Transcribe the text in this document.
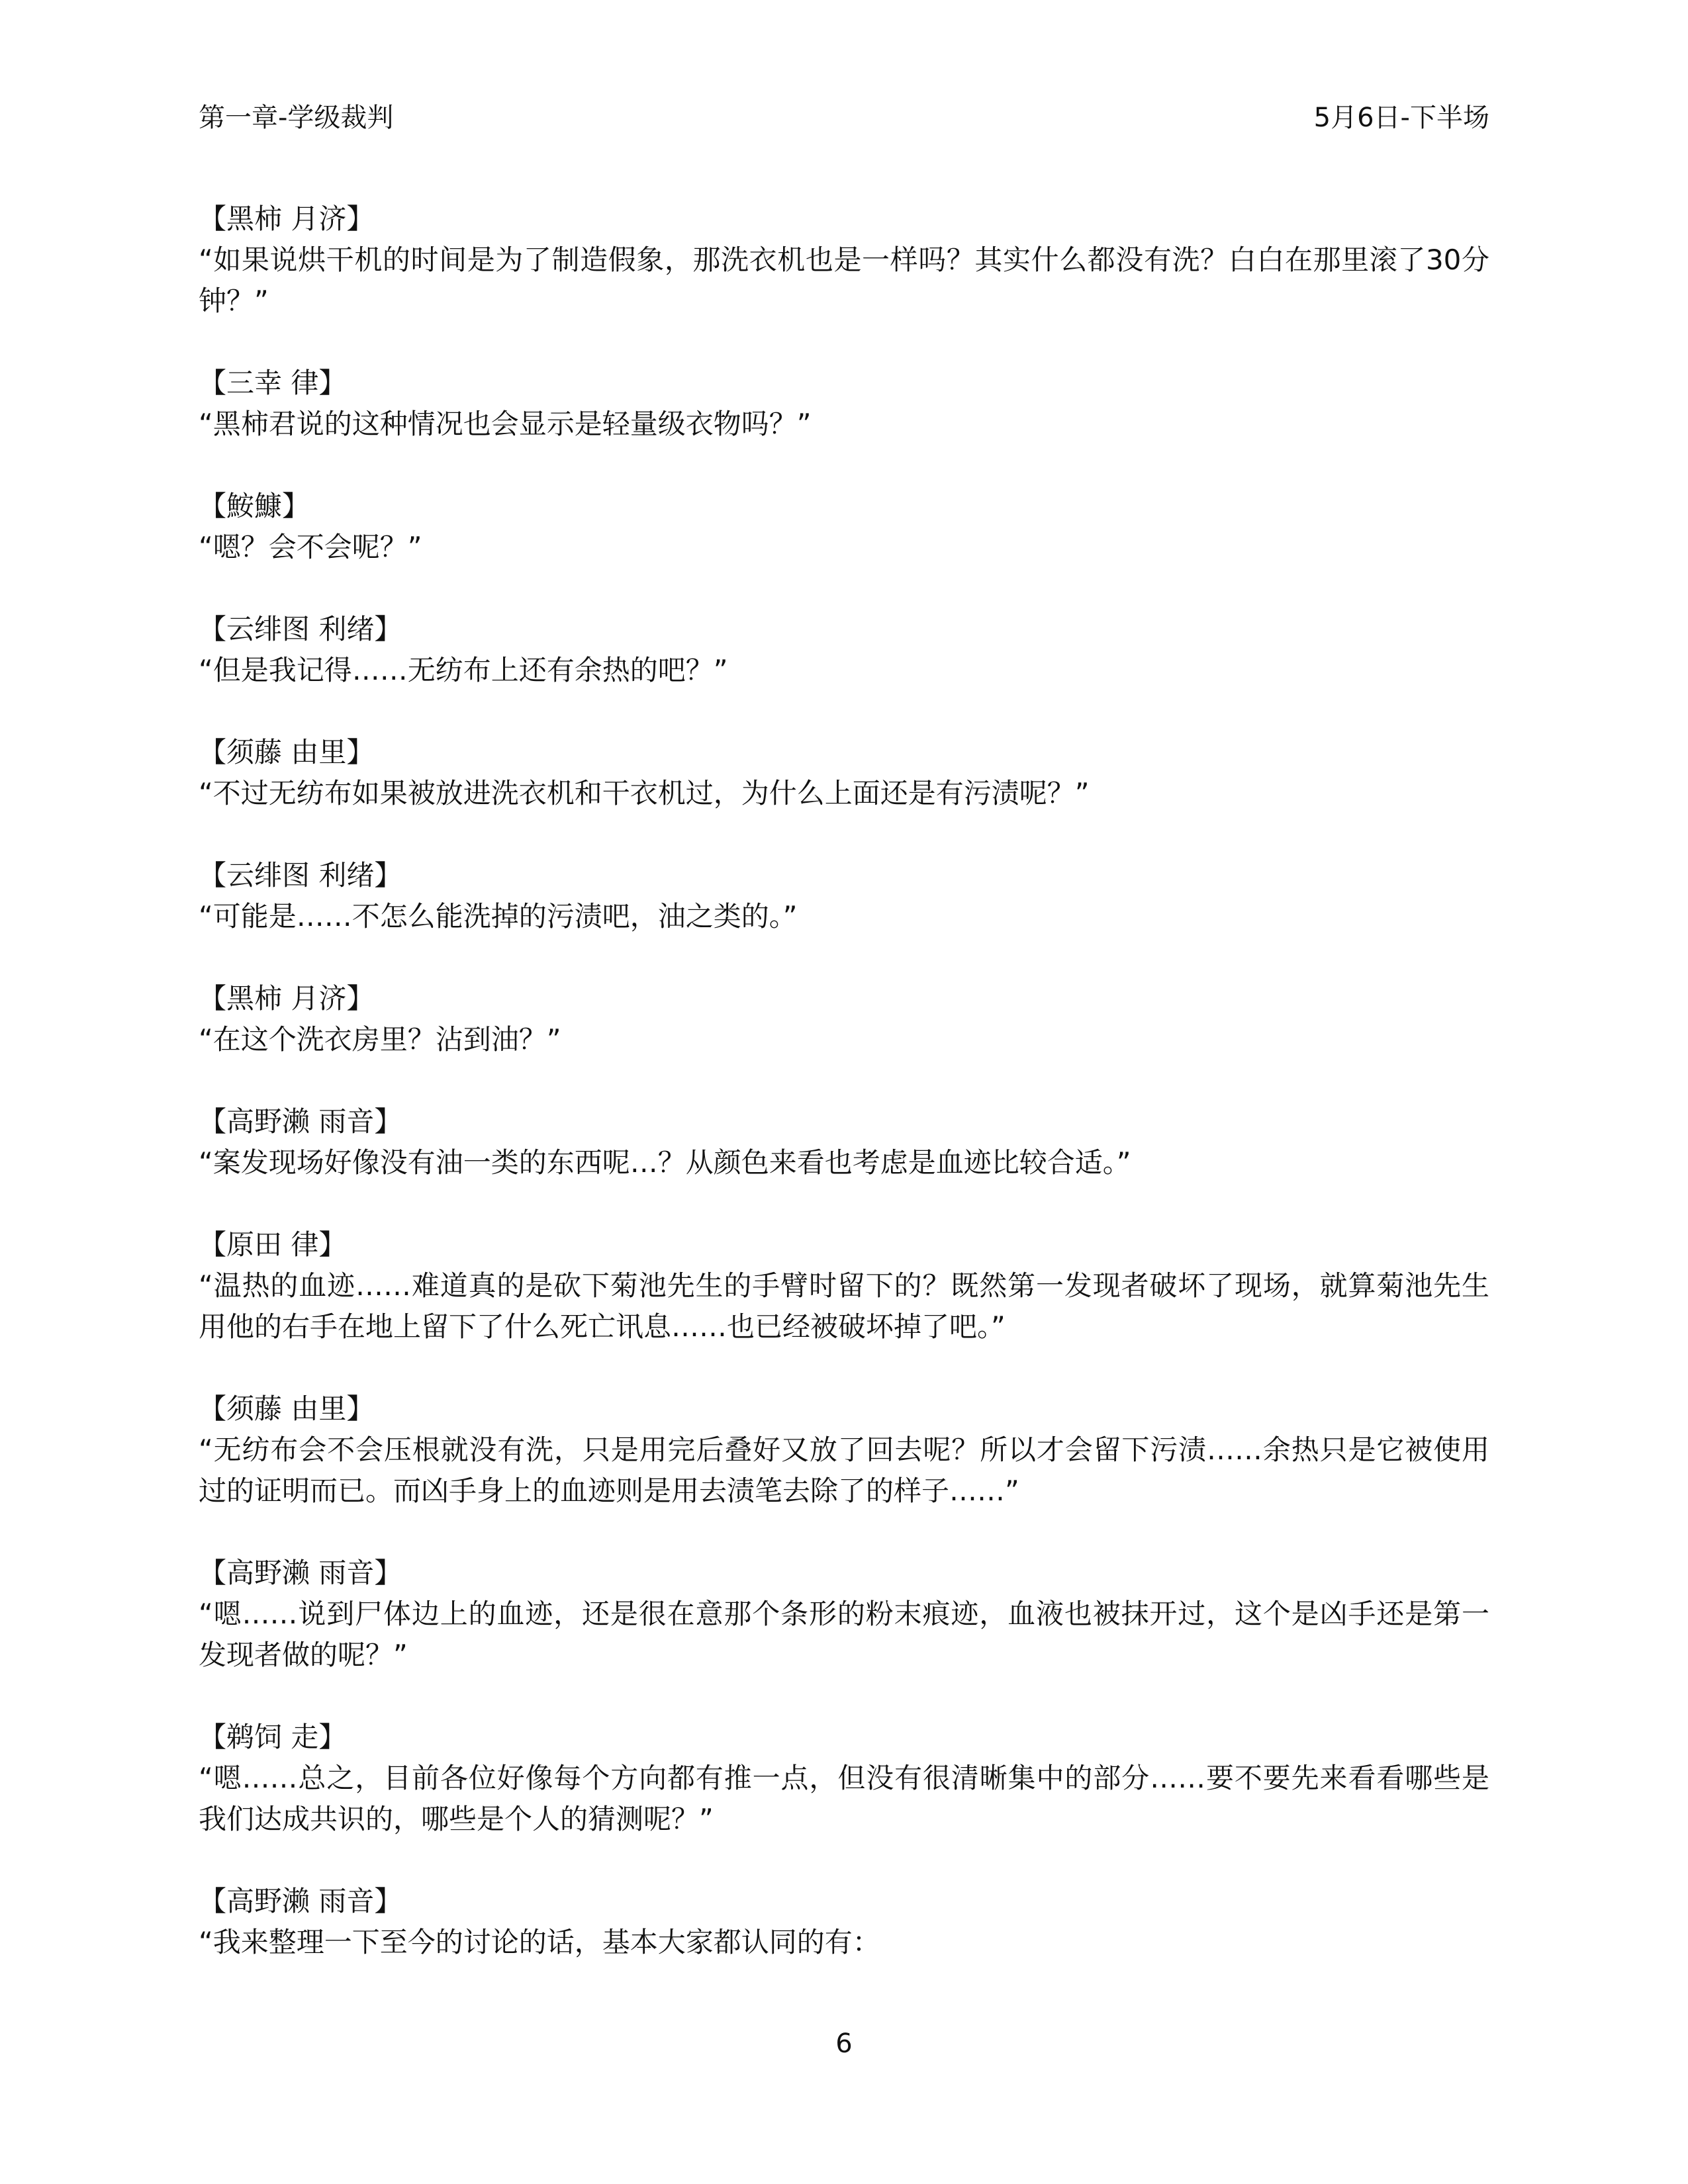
第一章-学级裁判	5月6日-下半场
【黑柿 月济】
“如果说烘干机的时间是为了制造假象，那洗衣机也是一样吗？其实什么都没有洗？白白在那里滚了30分钟？”
【三幸 律】
“黑柿君说的这种情况也会显示是轻量级衣物吗？”
【鮟鱇】
“嗯？会不会呢？”
【云绯图 利绪】
“但是我记得……无纺布上还有余热的吧？”
【须藤 由里】
“不过无纺布如果被放进洗衣机和干衣机过，为什么上面还是有污渍呢？”
【云绯图 利绪】
“可能是……不怎么能洗掉的污渍吧，油之类的。”
【黑柿 月济】
“在这个洗衣房里？沾到油？”
【高野濑 雨音】
“案发现场好像没有油一类的东西呢…？从颜色来看也考虑是血迹比较合适。”
【原田 律】
“温热的血迹……难道真的是砍下菊池先生的手臂时留下的？既然第一发现者破坏了现场，就算菊池先生用他的右手在地上留下了什么死亡讯息……也已经被破坏掉了吧。”
【须藤 由里】
“无纺布会不会压根就没有洗，只是用完后叠好又放了回去呢？所以才会留下污渍……余热只是它被使用过的证明而已。而凶手身上的血迹则是用去渍笔去除了的样子……”
【高野濑 雨音】
“嗯……说到尸体边上的血迹，还是很在意那个条形的粉末痕迹，血液也被抹开过，这个是凶手还是第一发现者做的呢？”
【鹈饲 走】
“嗯……总之，目前各位好像每个方向都有推一点，但没有很清晰集中的部分……要不要先来看看哪些是我们达成共识的，哪些是个人的猜测呢？”
【高野濑 雨音】
“我来整理一下至今的讨论的话，基本大家都认同的有：
6
